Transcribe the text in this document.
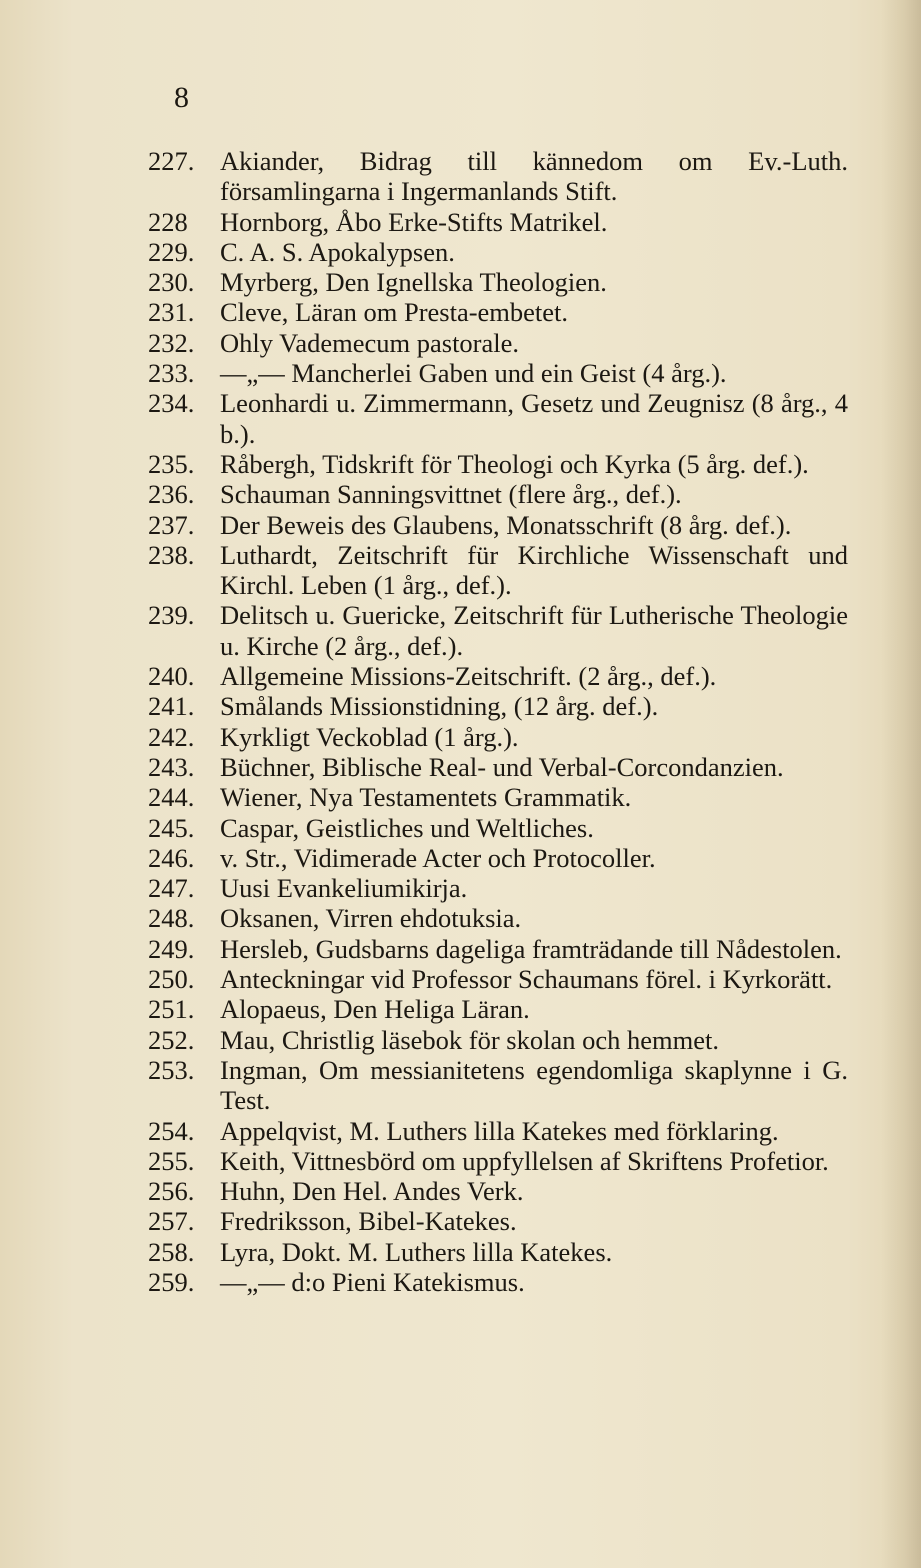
8
227. Akiander, Bidrag till kännedom om Ev.-Luth. församlingarna i Ingermanlands Stift.
228	Hornborg, Åbo Erke-Stifts Matrikel.
229. C. A. S. Apokalypsen.
230. Myrberg, Den Ignellska Theologien.
231. Cleve, Läran om Presta-embetet.
232. Ohly Vademecum pastorale.
233. —„— Mancherlei Gaben und ein Geist (4 årg.).
234. Leonhardi u. Zimmermann, Gesetz und Zeugnisz (8 årg., 4 b.).
235. Råbergh, Tidskrift för Theologi och Kyrka (5 årg. def.).
236. Schauman Sanningsvittnet (flere årg., def.).
237. Der Beweis des Glaubens, Monatsschrift (8 årg. def.).
238. Luthardt, Zeitschrift für Kirchliche Wissenschaft und Kirchl. Leben (1 årg., def.).
239. Delitsch u. Guericke, Zeitschrift für Lutherische Theologie u. Kirche (2 årg., def.).
240. Allgemeine Missions-Zeitschrift. (2 årg., def.).
241. Smålands Missionstidning, (12 årg. def.).
242. Kyrkligt Veckoblad (1 årg.).
243. Büchner, Biblische Real- und Verbal-Corcondanzien.
244. Wiener, Nya Testamentets Grammatik.
245. Caspar, Geistliches und Weltliches.
246. v. Str., Vidimerade Acter och Protocoller.
247. Uusi Evankeliumikirja.
248. Oksanen, Virren ehdotuksia.
249. Hersleb, Gudsbarns dageliga framträdande till Nådestolen.
250. Anteckningar vid Professor Schaumans förel. i Kyrkorätt.
251. Alopaeus, Den Heliga Läran.
252. Mau, Christlig läsebok för skolan och hemmet.
253. Ingman, Om messianitetens egendomliga skaplynne i G. Test.
254. Appelqvist, M. Luthers lilla Katekes med förklaring.
255. Keith, Vittnesbörd om uppfyllelsen af Skriftens Profetior.
256. Huhn, Den Hel. Andes Verk.
257. Fredriksson, Bibel-Katekes.
258. Lyra, Dokt. M. Luthers lilla Katekes.
259. —„— d:o Pieni Katekismus.
